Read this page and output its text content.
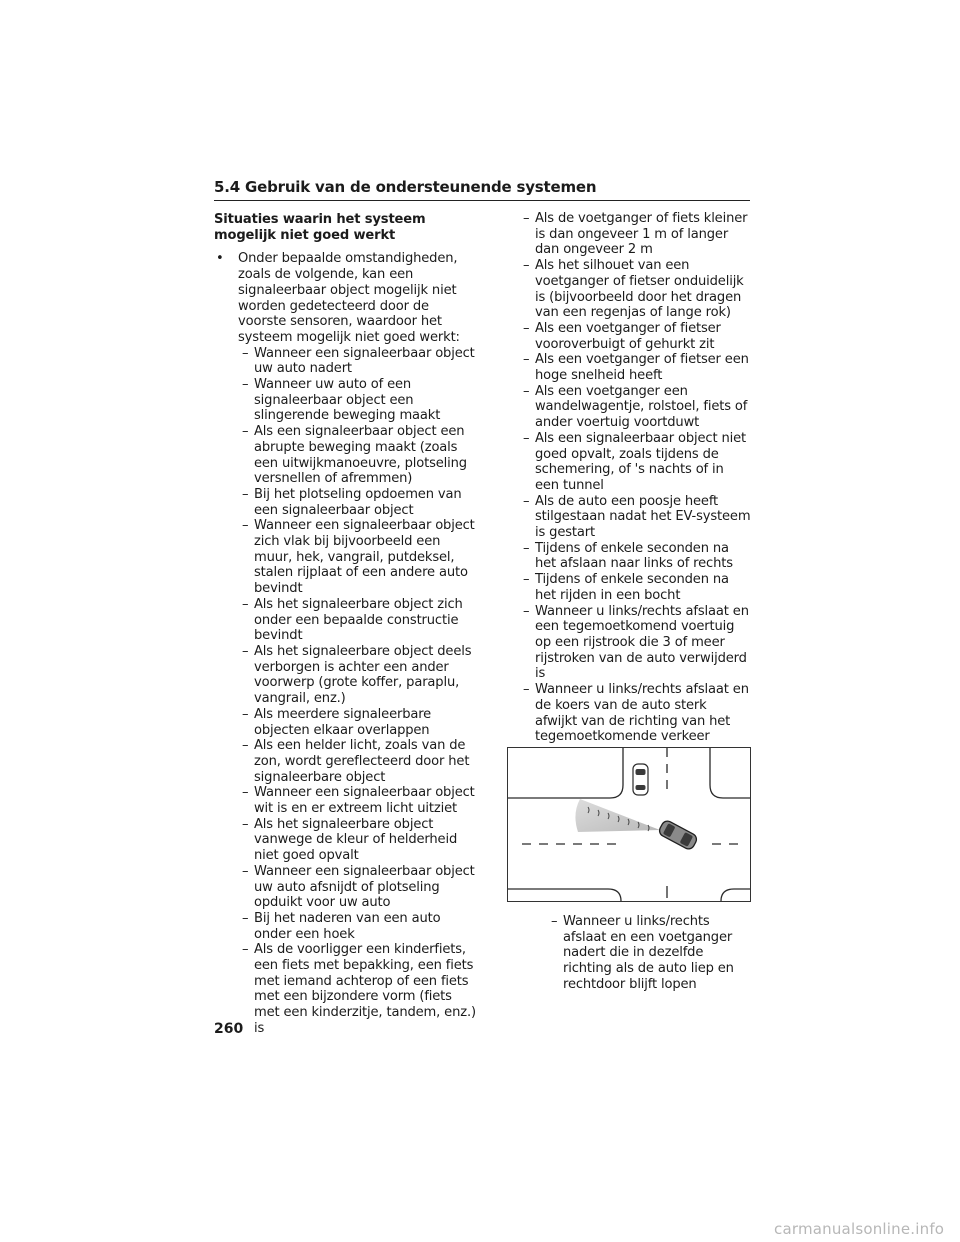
5.4 Gebruik van de ondersteunende systemen

Situaties waarin het systeem mogelijk niet goed werkt

• Onder bepaalde omstandigheden, zoals de volgende, kan een signaleerbaar object mogelijk niet worden gedetecteerd door de voorste sensoren, waardoor het systeem mogelijk niet goed werkt:

– Wanneer een signaleerbaar object uw auto nadert
– Wanneer uw auto of een signaleerbaar object een slingerende beweging maakt
– Als een signaleerbaar object een abrupte beweging maakt (zoals een uitwijkmanoeuvre, plotseling versnellen of afremmen)
– Bij het plotseling opdoemen van een signaleerbaar object
– Wanneer een signaleerbaar object zich vlak bij bijvoorbeeld een muur, hek, vangrail, putdeksel, stalen rijplaat of een andere auto bevindt
– Als het signaleerbare object zich onder een bepaalde constructie bevindt
– Als het signaleerbare object deels verborgen is achter een ander voorwerp (grote koffer, paraplu, vangrail, enz.)
– Als meerdere signaleerbare objecten elkaar overlappen
– Als een helder licht, zoals van de zon, wordt gereflecteerd door het signaleerbare object
– Wanneer een signaleerbaar object wit is en er extreem licht uitziet
– Als het signaleerbare object vanwege de kleur of helderheid niet goed opvalt
– Wanneer een signaleerbaar object uw auto afsnijdt of plotseling opduikt voor uw auto
– Bij het naderen van een auto onder een hoek
– Als de voorligger een kinderfiets, een fiets met bepakking, een fiets met iemand achterop of een fiets met een bijzondere vorm (fiets met een kinderzitje, tandem, enz.) is
– Als de voetganger of fiets kleiner is dan ongeveer 1 m of langer dan ongeveer 2 m
– Als het silhouet van een voetganger of fietser onduidelijk is (bijvoorbeeld door het dragen van een regenjas of lange rok)
– Als een voetganger of fietser vooroverbuigt of gehurkt zit
– Als een voetganger of fietser een hoge snelheid heeft
– Als een voetganger een wandelwagentje, rolstoel, fiets of ander voertuig voortduwt
– Als een signaleerbaar object niet goed opvalt, zoals tijdens de schemering, of 's nachts of in een tunnel
– Als de auto een poosje heeft stilgestaan nadat het EV-systeem is gestart
– Tijdens of enkele seconden na het afslaan naar links of rechts
– Tijdens of enkele seconden na het rijden in een bocht
– Wanneer u links/rechts afslaat en een tegemoetkomend voertuig op een rijstrook die 3 of meer rijstroken van de auto verwijderd is
– Wanneer u links/rechts afslaat en de koers van de auto sterk afwijkt van de richting van het tegemoetkomende verkeer
– Wanneer u links/rechts afslaat en een voetganger nadert die in dezelfde richting als de auto liep en rechtdoor blijft lopen
260
carmanualsonline.info
